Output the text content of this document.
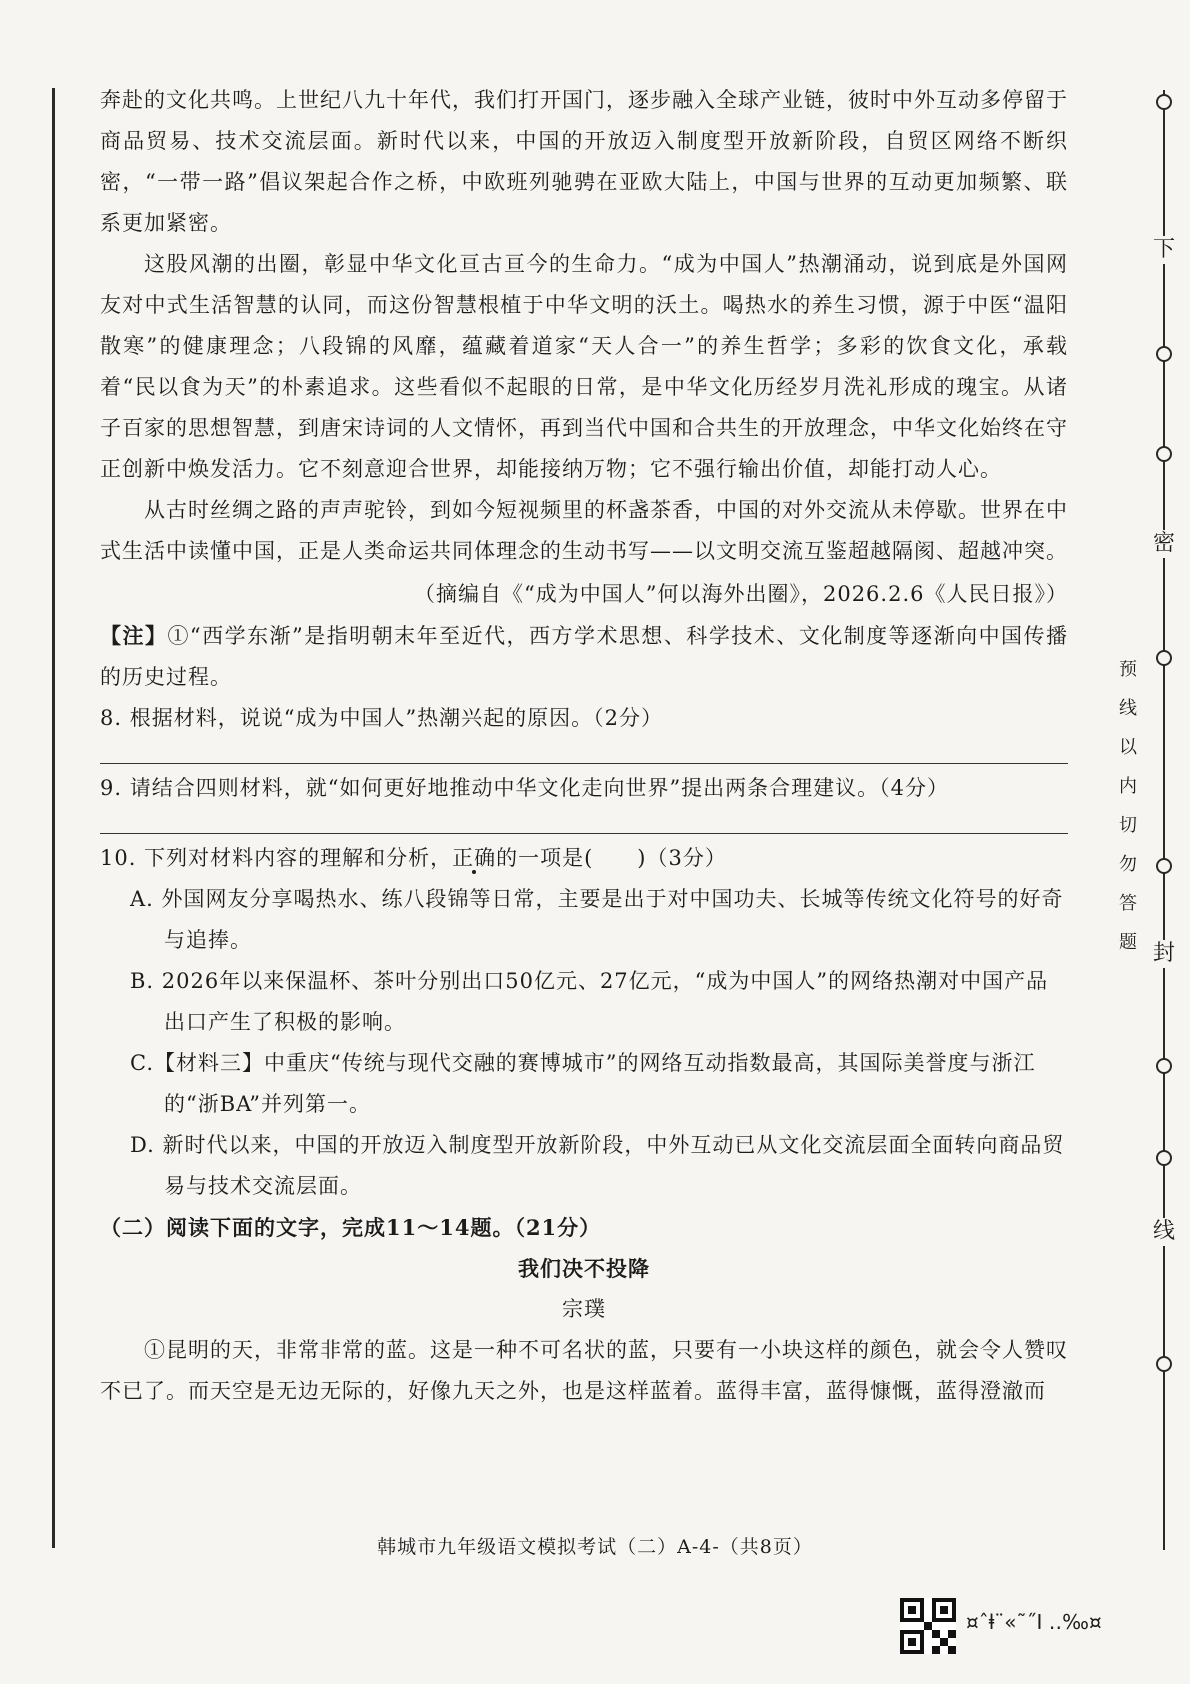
奔赴的文化共鸣。上世纪八九十年代，我们打开国门，逐步融入全球产业链，彼时中外互动多停留于商品贸易、技术交流层面。新时代以来，中国的开放迈入制度型开放新阶段，自贸区网络不断织密，“一带一路”倡议架起合作之桥，中欧班列驰骋在亚欧大陆上，中国与世界的互动更加频繁、联系更加紧密。

这股风潮的出圈，彰显中华文化亘古亘今的生命力。“成为中国人”热潮涌动，说到底是外国网友对中式生活智慧的认同，而这份智慧根植于中华文明的沃土。喝热水的养生习惯，源于中医“温阳散寒”的健康理念；八段锦的风靡，蕴藏着道家“天人合一”的养生哲学；多彩的饮食文化，承载着“民以食为天”的朴素追求。这些看似不起眼的日常，是中华文化历经岁月洗礼形成的瑰宝。从诸子百家的思想智慧，到唐宋诗词的人文情怀，再到当代中国和合共生的开放理念，中华文化始终在守正创新中焕发活力。它不刻意迎合世界，却能接纳万物；它不强行输出价值，却能打动人心。

从古时丝绸之路的声声驼铃，到如今短视频里的杯盏茶香，中国的对外交流从未停歇。世界在中式生活中读懂中国，正是人类命运共同体理念的生动书写——以文明交流互鉴超越隔阂、超越冲突。

（摘编自《“成为中国人”何以海外出圈》，2026.2.6《人民日报》）

【注】①“西学东渐”是指明朝末年至近代，西方学术思想、科学技术、文化制度等逐渐向中国传播的历史过程。

8. 根据材料，说说“成为中国人”热潮兴起的原因。（2分）

9. 请结合四则材料，就“如何更好地推动中华文化走向世界”提出两条合理建议。（4分）

10. 下列对材料内容的理解和分析，正确的一项是(　　)（3分）

A. 外国网友分享喝热水、练八段锦等日常，主要是出于对中国功夫、长城等传统文化符号的好奇与追捧。

B. 2026年以来保温杯、茶叶分别出口50亿元、27亿元，“成为中国人”的网络热潮对中国产品出口产生了积极的影响。

C.【材料三】中重庆“传统与现代交融的赛博城市”的网络互动指数最高，其国际美誉度与浙江的“浙BA”并列第一。

D. 新时代以来，中国的开放迈入制度型开放新阶段，中外互动已从文化交流层面全面转向商品贸易与技术交流层面。

（二）阅读下面的文字，完成11～14题。（21分）

我们决不投降

宗璞

①昆明的天，非常非常的蓝。这是一种不可名状的蓝，只要有一小块这样的颜色，就会令人赞叹不已了。而天空是无边无际的，好像九天之外，也是这样蓝着。蓝得丰富，蓝得慷慨，蓝得澄澈而

韩城市九年级语文模拟考试（二）A-4-（共8页）
下
密
封
线
预线以内切勿答题
¤ˆⱡ¨«˜˝Ι ‥‰¤
